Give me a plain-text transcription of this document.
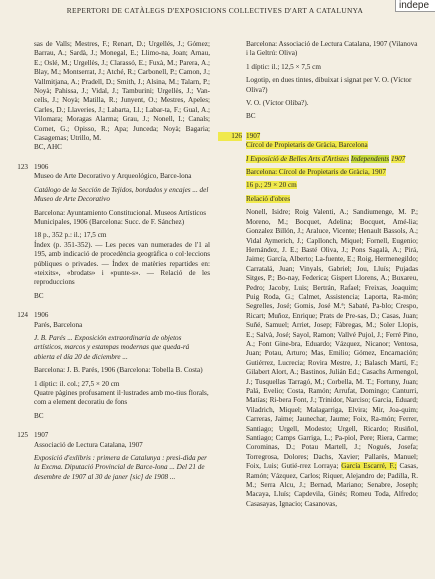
REPERTORI DE CATÀLEGS D'EXPOSICIONS COLLECTIVES D'ART A CATALUNYA	indepe

sas de Valls; Mestres, F.; Renart, D.; Urgellés, J.; Gómez; Barrau, A.; Sardà, J.; Monegal, E.; Llimo-na, Joan; Arnau, E.; Oslé, M.; Urgellès, J.; Clarassó, E.; Fuxà, M.; Parera, A.; Blay, M.; Montserrat, J.; Atché, R.; Carbonell, P.; Camon, J.; Vallmitjana, A.; Pradell, D.; Smith, J.; Alsina, M.; Talarn, P.; Noyà; Pahissa, J.; Vidal, J.; Tamburini; Urgellès, J.; Van-cells, J.; Noyà; Matilla, R.; Junyent, O.; Mestres, Apeles; Carles, D.; Llaveries, J.; Labarta, Ll.; Labar-ta, F.; Gual, A.; Vilomara; Moragas Alarma; Grau, J.; Nonell, I.; Canals; Cornet, G.; Opisso, R.; Apa; Junceda; Noyà; Bagaria; Casagemas; Utrillo, M.

BC, AHC

123 1906

Museo de Arte Decorativo y Arqueológico, Barce-lona

Catálogo de la Sección de Tejidos, bordados y encajes ... del Museo de Arte Decorativo

Barcelona: Ayuntamiento Constitucional. Museos Artísticos Municipales, 1906 (Barcelona: Succ. de F. Sánchez)

18 p., 352 p.: il.; 17,5 cm

Índex (p. 351-352). — Les peces van numerades de l'1 al 195, amb indicació de procedència geogràfica o col·leccions públiques o privades. — Índex de matèries repartides en: «teixits», «brodats» i «punte-s». — Relació de les reproduccions

BC

124 1906

Parés, Barcelona

J. B. Parés ... Exposición extraordinaria de objetos artísticos, marcos y estampas modernas que queda-rá abierta el día 20 de diciembre ...

Barcelona: J. B. Parés, 1906 (Barcelona: Tobella B. Costa)

1 díptic: il. col.; 27,5 × 20 cm

Quatre pàgines profusament il·lustrades amb mo-tius florals, com a element decoratiu de fons

BC

125 1907

Associació de Lectura Catalana, 1907

Exposició d'exlibris : primera de Catalunya : presi-dida per la Excma. Diputació Provincial de Barce-lona ... Del 21 de desembre de 1907 al 30 de janer [sic] de 1908 ...

Barcelona: Associació de Lectura Catalana, 1907 (Vilanova i la Geltrú: Oliva)

1 díptic: il.; 12,5 × 7,5 cm

Logotip, en dues tintes, dibuixat i signat per V. O. (Víctor Oliva?)

V. O. (Víctor Oliba?).

BC

126 1907

Círcol de Propietaris de Gràcia, Barcelona

I Exposició de Belles Arts d'Artistes Independents 1907

Barcelona: Círcol de Propietaris de Gràcia, 1907

16 p.; 29 × 20 cm

Relació d'obres

Nonell, Isidre; Roig Valenti, A.; Sandiumenge, M. P.; Moreno, M.; Bocquet, Adelina; Bocquet, Amé-lia; Gonzalez Billón, J.; Araluce, Vicente; Henault Bassols, A.; Vidal Aymerich, J.; Capllonch, Miquel; Fornell, Eugenio; Hernández, J. E.; Basté Oliva, J.; Pons Sagalà, A.; Pirá, Jaime; García, Alberto; La-fuente, E.; Roig, Hermenegildo; Carratalá, Juan; Vinyals, Gabriel; Jou, Lluís; Pujadas Sitges, P.; Bo-nay, Federica; Gispert Llorens, A.; Buxareu, Pedro; Jacoby, Luis; Bertrán, Rafael; Freixas, Joaquim; Puig Roda, G.; Calmet, Assistencia; Laporta, Ra-món; Segrelles, José; Gomis, José M.ª; Sabaté, Pa-blo; Crespo, Ricart; Muñoz, Enrique; Prats de Pre-sas, D.; Casas, Juan; Suñé, Samuel; Arriet, Josep; Fàbregas, M.; Soler Llopis, E.; Salvà, José; Sayol, Ramon; Vallvé Pujol, J.; Ferré Pino, A.; Font Gine-bra, Eduardo; Vázquez, Nicanor; Ventosa, Juan; Potau, Arturo; Mas, Emilio; Gómez, Encarnación; Gutiérrez, Lucrecia; Rovira Mestre, J.; Balasch Martí, F.; Gilabert Alort, A.; Bastinos, Julián Ed.; Casachs Armengol, J.; Tusquellas Tarragó, M.; Corbella, M. T.; Fortuny, Juan; Palá, Evelio; Costa, Ramón; Arrufat, Domingo; Canturri, Matías; Ri-bera Font, J.; Trinidor, Narciso; García, Eduard; Viladrich, Miquel; Malagarriga, Elvira; Mir, Joa-quim; Carreras, Jaime; Jaunechar, Jaume; Foix, Ra-món; Ferrer, Santiago; Urgell, Modesto; Urgell, Ricardo; Rusiñol, Santiago; Camps Garriga, L.; Pa-piol, Pere; Riera, Carme; Corominas, D.; Potau Martell, J.; Nogués, Josefa; Torregrosa, Dolores; Dachs, Xavier; Pallarès, Manuel; Foix, Luis; Gutié-rrez Lorraya; García Escarré, F.; Casas, Ramón; Vázquez, Carlos; Riquer, Alejandro de; Padilla, R. M.; Serra Alcu, J.; Bernad, Mariano; Senabre, Joseph; Macaya, Lluís; Capdevila, Ginés; Romeu Toda, Alfredo; Casasayas, Ignacio; Casanovas,
